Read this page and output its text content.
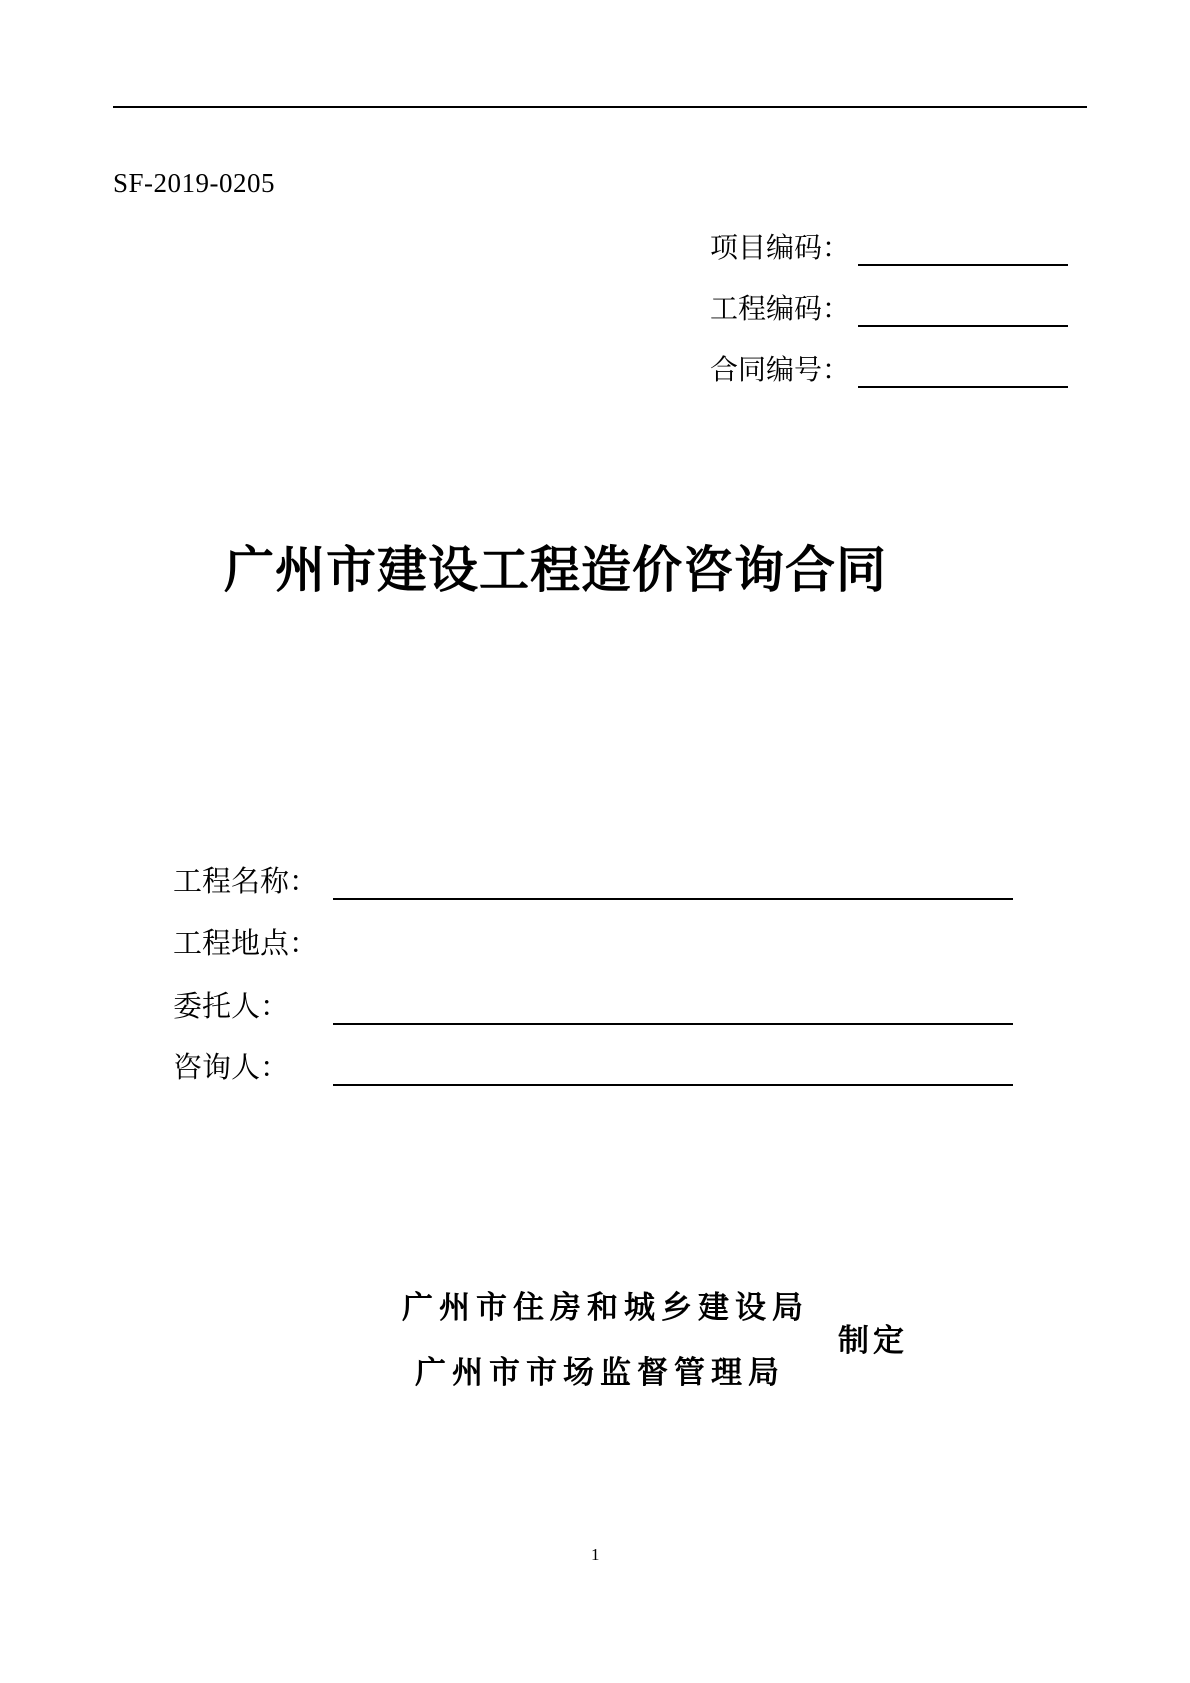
SF-2019-0205
项目编码：
工程编码：
合同编号：
广州市建设工程造价咨询合同
工程名称：
工程地点：
委托人：
咨询人：
广州市住房和城乡建设局
广州市市场监督管理局
制定
1
